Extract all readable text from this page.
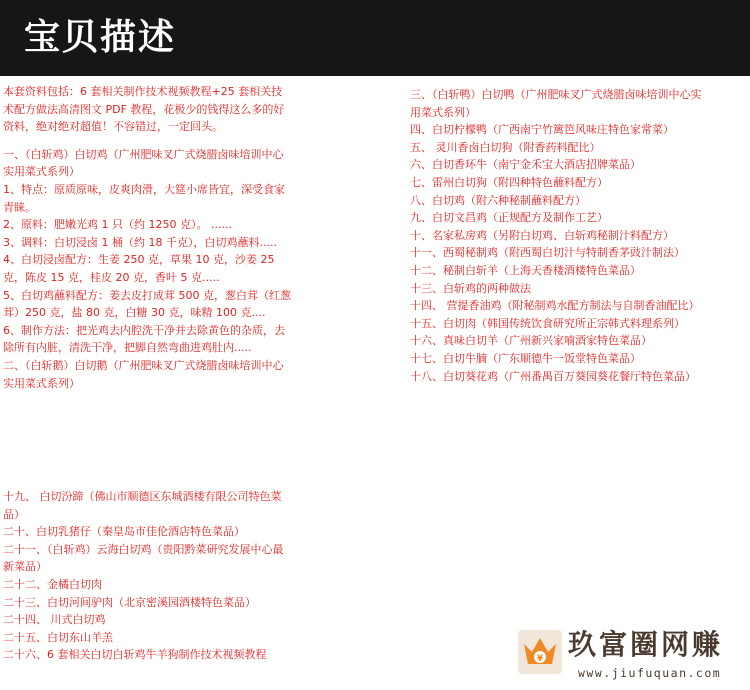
宝贝描述

本套资料包括：6 套相关制作技术视频教程+25 套相关技术配方做法高清图文 PDF 教程，花极少的钱得这么多的好资料，绝对绝对超值！不容错过，一定回头。

一、（白斩鸡）白切鸡（广州肥味叉广式烧腊卤味培训中心实用菜式系列）

1、特点：原质原味，皮爽肉滑，大筵小席皆宜，深受食家青睐。

2、原料：肥嫩光鸡 1 只（约 1250 克）。 ......

3、调料：白切浸卤 1 桶（约 18 千克），白切鸡蘸料.....

4、白切浸卤配方：生姜 250 克，草果 10 克，沙姜 25 克，陈皮 15 克，桂皮 20 克，香叶 5 克.....

5、白切鸡蘸料配方：姜去皮打成茸 500 克，葱白茸（红葱茸）250 克，盐 80 克，白糖 30 克，味精 100 克....

6、制作方法：把光鸡去内腔洗干净并去除黄色的杂质，去除所有内脏，清洗干净，把脚自然弯曲进鸡肚内.....

二、（白斩鹅）白切鹅（广州肥味叉广式烧腊卤味培训中心实用菜式系列）

三、（白斩鸭）白切鸭（广州肥味叉广式烧腊卤味培训中心实用菜式系列）

四、白切柠檬鸭（广西南宁竹篱笆风味庄特色家常菜）

五、 灵川香卤白切狗（附香药料配比）

六、白切香环牛（南宁金禾宝大酒店招牌菜品）

七、雷州白切狗（附四种特色蘸料配方）

八、白切鸡（附六种秘制蘸料配方）

九、白切文昌鸡（正规配方及制作工艺）

十、名家私房鸡（另附白切鸡、白斩鸡秘制汁料配方）

十一、西蜀秘制鸡（附西蜀白切汁与特制香茅豉汁制法）

十二、秘制白斩羊（上海天香楼酒楼特色菜品）

十三、白斩鸡的两种做法

十四、 营提香油鸡（附秘制鸡水配方制法与自制香油配比）

十五、白切肉（韩国传统饮食研究所正宗韩式料理系列）

十六、真味白切羊（广州新兴家喃酒家特色菜品）

十七、白切牛腩（广东顺德牛一饭堂特色菜品）

十八、白切葵花鸡（广州番禺百万葵园葵花餐厅特色菜品）

十九、 白切汾蹄（佛山市顺德区东城酒楼有限公司特色菜品）

二十、白切乳猪仔（秦皇岛市佳伦酒店特色菜品）

二十一、（白斩鸡）云海白切鸡（贵阳黔菜研究发展中心最新菜品）

二十二、金橘白切肉

二十三、白切河间驴肉（北京密溪园酒楼特色菜品）

二十四、 川式白切鸡

二十五、白切东山羊羔

二十六、6 套相关白切白斩鸡牛羊狗制作技术视频教程	¥ 玖富圈网赚
www.jiufuquan.com
